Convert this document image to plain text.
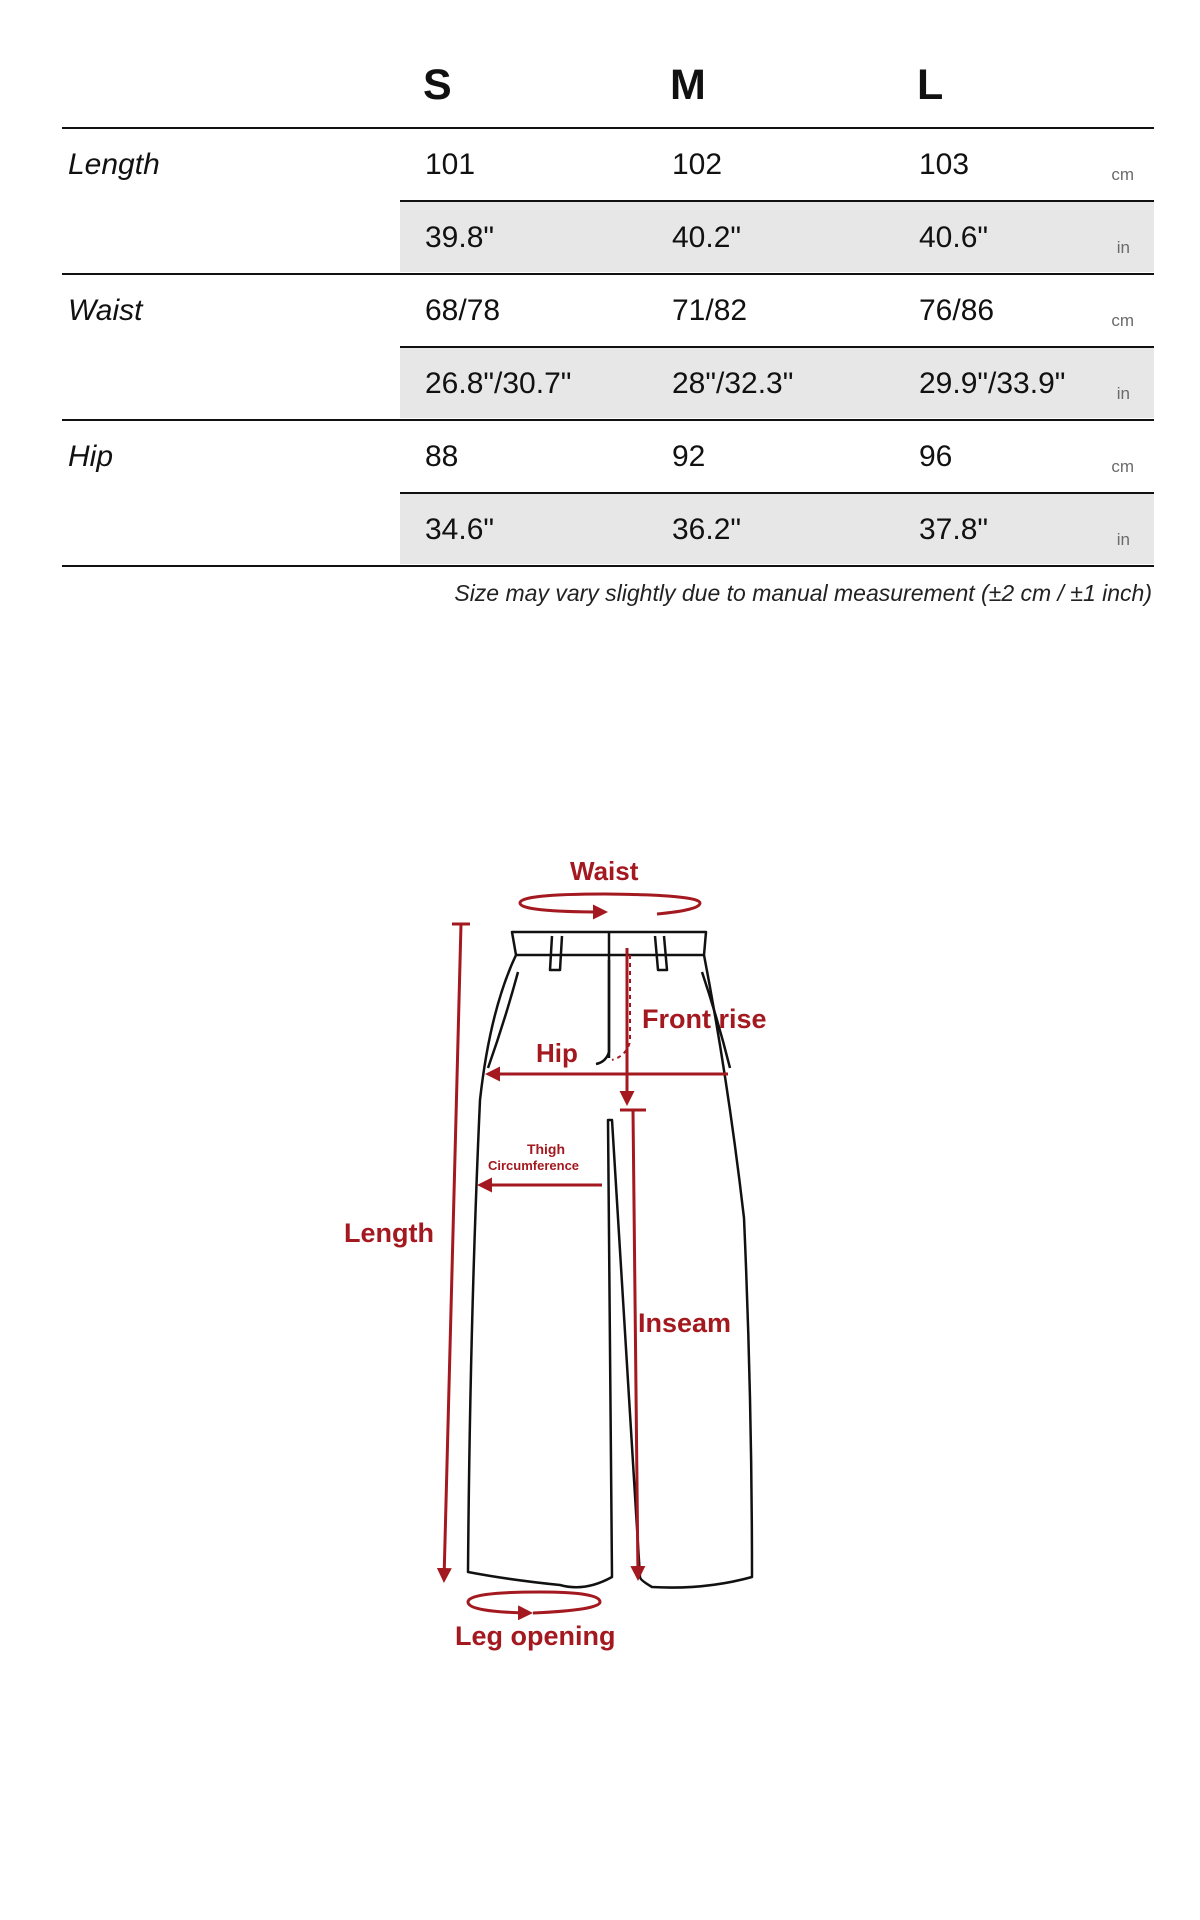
S	M	L
Length	101	102	103	cm
39.8"	40.2"	40.6"	in
Waist	68/78	71/82	76/86	cm
26.8"/30.7"	28"/32.3"	29.9"/33.9"	in
Hip	88	92	96	cm
34.6"	36.2"	37.8"	in
Size may vary slightly due to manual measurement (±2 cm / ±1 inch)
Waist
Front rise
Hip
Thigh
Circumference
Length
Inseam
Leg opening
